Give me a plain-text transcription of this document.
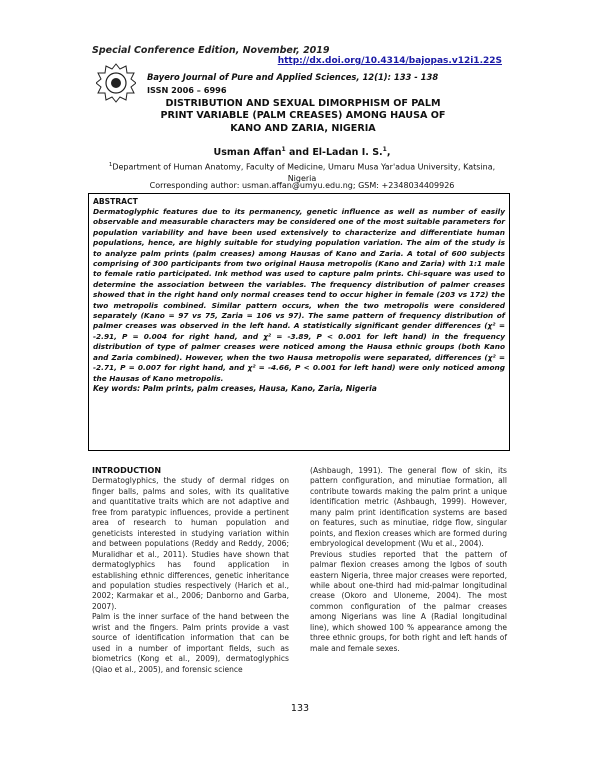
Special Conference Edition, November, 2019
http://dx.doi.org/10.4314/bajopas.v12i1.22S
Bayero Journal of Pure and Applied Sciences, 12(1): 133 - 138
ISSN 2006 – 6996
DISTRIBUTION AND SEXUAL DIMORPHISM OF PALM PRINT VARIABLE (PALM CREASES) AMONG HAUSA OF KANO AND ZARIA, NIGERIA
Usman Affan$^1$ and El-Ladan I. S.$^1$,
$^1$Department of Human Anatomy, Faculty of Medicine, Umaru Musa Yar'adua University, Katsina,
Nigeria
Corresponding author: usman.affan@umyu.edu.ng; GSM: +2348034409926
ABSTRACT
Dermatoglyphic features due to its permanency, genetic influence as well as number of easily observable and measurable characters may be considered one of the most suitable parameters for population variability and have been used extensively to characterize and differentiate human populations, hence, are highly suitable for studying population variation. The aim of the study is to analyze palm prints (palm creases) among Hausas of Kano and Zaria. A total of 600 subjects comprising of 300 participants from two original Hausa metropolis (Kano and Zaria) with 1:1 male to female ratio participated. Ink method was used to capture palm prints. Chi-square was used to determine the association between the variables. The frequency distribution of palmer creases showed that in the right hand only normal creases tend to occur higher in female (203 vs 172) the two metropolis combined. Similar pattern occurs, when the two metropolis were considered separately (Kano = 97 vs 75, Zaria = 106 vs 97). The same pattern of frequency distribution of palmer creases was observed in the left hand. A statistically significant gender differences (χ² = -2.91, P = 0.004 for right hand, and χ² = -3.89, P < 0.001 for left hand) in the frequency distribution of type of palmer creases were noticed among the Hausa ethnic groups (both Kano and Zaria combined). However, when the two Hausa metropolis were separated, differences (χ² = -2.71, P = 0.007 for right hand, and χ² = -4.66, P < 0.001 for left hand) were only noticed among the Hausas of Kano metropolis.
Key words: Palm prints, palm creases, Hausa, Kano, Zaria, Nigeria
INTRODUCTION

Dermatoglyphics, the study of dermal ridges on finger balls, palms and soles, with its qualitative and quantitative traits which are not adaptive and free from paratypic influences, provide a pertinent area of research to human population and geneticists interested in studying variation within and between populations (Reddy and Reddy, 2006; Muralidhar et al., 2011). Studies have shown that dermatoglyphics has found application in establishing ethnic differences, genetic inheritance and population studies respectively (Harich et al., 2002; Karmakar et al., 2006; Danborno and Garba, 2007).

Palm is the inner surface of the hand between the wrist and the fingers. Palm prints provide a vast source of identification information that can be used in a number of important fields, such as biometrics (Kong et al., 2009), dermatoglyphics (Qiao et al., 2005), and forensic science

(Ashbaugh, 1991). The general flow of skin, its pattern configuration, and minutiae formation, all contribute towards making the palm print a unique identification metric (Ashbaugh, 1999). However, many palm print identification systems are based on features, such as minutiae, ridge flow, singular points, and flexion creases which are formed during embryological development (Wu et al., 2004).

Previous studies reported that the pattern of palmar flexion creases among the Igbos of south eastern Nigeria, three major creases were reported, while about one-third had mid-palmar longitudinal crease (Okoro and Uloneme, 2004). The most common configuration of the palmar creases among Nigerians was line A (Radial longitudinal line), which showed 100 % appearance among the three ethnic groups, for both right and left hands of male and female sexes.

133
